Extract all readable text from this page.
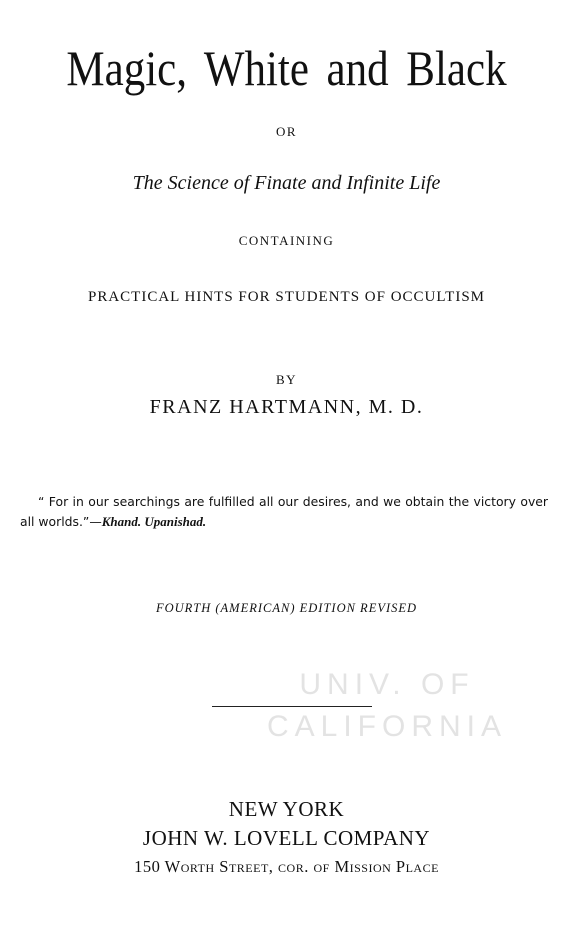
Magic, White and Black
OR
The Science of Finate and Infinite Life
CONTAINING
PRACTICAL HINTS FOR STUDENTS OF OCCULTISM
BY
FRANZ HARTMANN, M. D.
“ For in our searchings are fulfilled all our desires, and we obtain the victory over all worlds.”—Khand. Upanishad.
FOURTH (AMERICAN) EDITION REVISED
UNIV. OF
CALIFORNIA
NEW YORK
JOHN W. LOVELL COMPANY
150 Worth Street, cor. of Mission Place
